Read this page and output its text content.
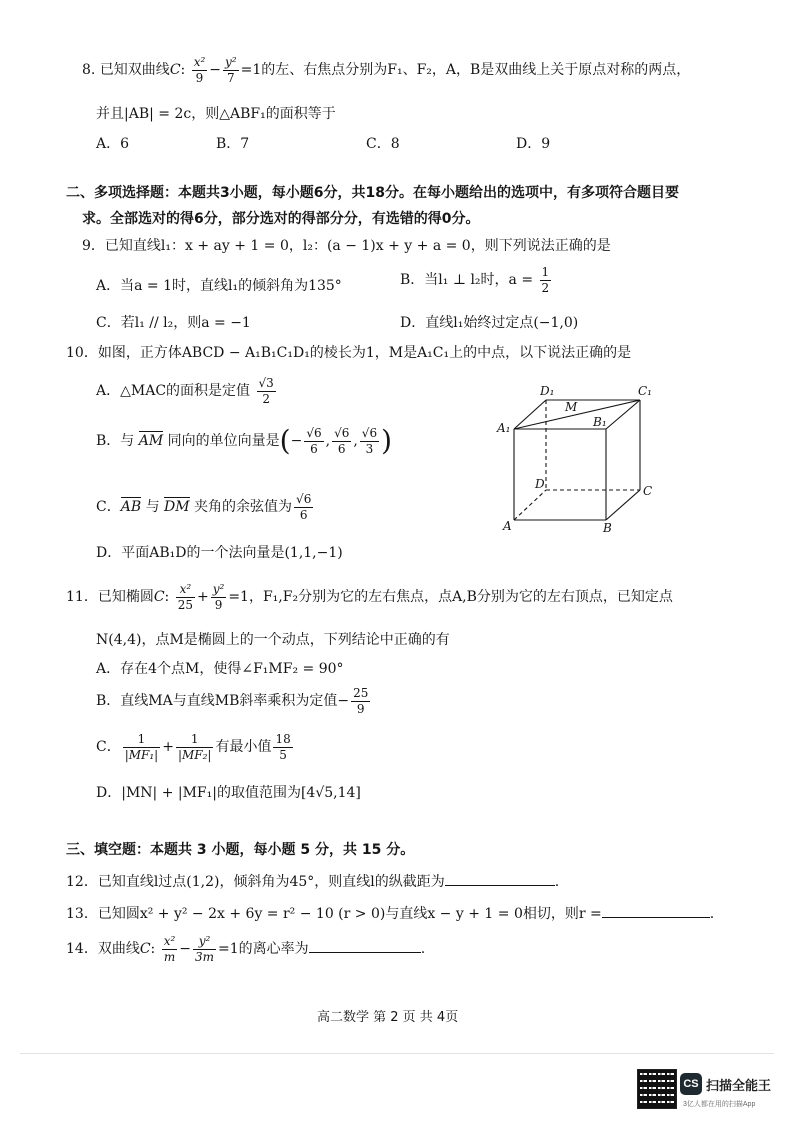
8. 已知双曲线C: $\frac{\text{x²}}{9} - \frac{\text{y²}}{7} =1$的左、右焦点分别为F₁、F₂，A，B是双曲线上关于原点对称的两点，
并且|AB| = 2c，则△ABF₁的面积等于
A．6	B．7	C．8	D．9
二、多项选择题：本题共3小题，每小题6分，共18分。在每小题给出的选项中，有多项符合题目要
求。全部选对的得6分，部分选对的得部分分，有选错的得0分。
9．已知直线l₁：x + ay + 1 = 0，l₂：(a − 1)x + y + a = 0，则下列说法正确的是
A．当a = 1时，直线l₁的倾斜角为135°	B．当l₁ ⊥ l₂时，$a = \frac{1}{2}$
C．若l₁ // l₂，则a = −1	D．直线l₁始终过定点(−1,0)
10．如图，正方体ABCD − A₁B₁C₁D₁的棱长为1，M是A₁C₁上的中点，以下说法正确的是
A．△MAC的面积是定值 $\frac{√3}{2}$
B．与 AM 同向的单位向量是(− $\frac{√6}{6}$ , $\frac{√6}{6}$ , $\frac{√6}{3}$ )
C．AB 与 DM 夹角的余弦值为 $\frac{√6}{6}$
D．平面AB₁D的一个法向量是(1,1,−1)
D₁	C₁
M
A₁	B₁
D	C
A	B
11．已知椭圆C: $\frac{\text{x²}}{25} + \frac{\text{y²}}{9} =1$，F₁,F₂分别为它的左右焦点，点A,B分别为它的左右顶点，已知定点
N(4,4)，点M是椭圆上的一个动点，下列结论中正确的有
A．存在4个点M，使得∠F₁MF₂ = 90°
B．直线MA与直线MB斜率乘积为定值− $\frac{25}{9}$
C． $\frac{1}{\text{|MF₁|}} + \frac{1}{\text{|MF₂|}}$ 有最小值 $\frac{18}{5}$
D．|MN| + |MF₁|的取值范围为[4√5,14]
三、填空题：本题共 3 小题，每小题 5 分，共 15 分。
12．已知直线l过点(1,2)，倾斜角为45°，则直线l的纵截距为	.
13．已知圆x² + y² − 2x + 6y = r² − 10 (r > 0)与直线x − y + 1 = 0相切，则r =	.
14．双曲线C: $\frac{\text{x²}}{m} - \frac{\text{y²}}{3m} =1$的离心率为	.
高二数学 第 2 页 共 4页
CS 扫描全能王
3亿人都在用的扫描App
